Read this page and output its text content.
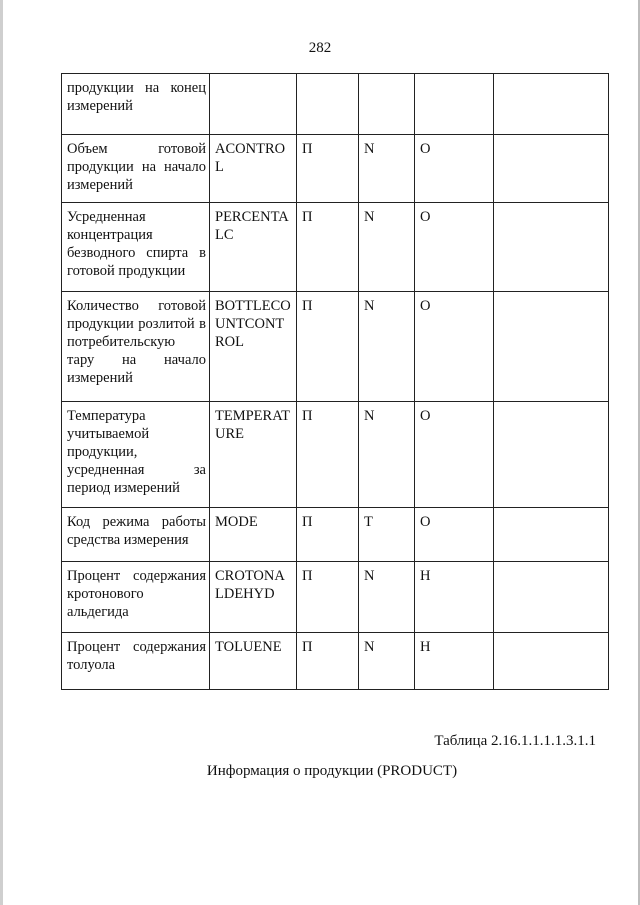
282
продукции на конец измерений					
Объем готовой продукции на начало измерений	ACONTROL	П	N	О	
Усредненная концентрация безводного спирта в готовой продукции	PERCENTALC	П	N	О	
Количество готовой продукции розлитой в потребительскую тару на начало измерений	BOTTLECOUNTCONTROL	П	N	О	
Температура учитываемой продукции, усредненная за период измерений	TEMPERATURE	П	N	О	
Код режима работы средства измерения	MODE	П	T	О	
Процент содержания кротонового альдегида	CROTONALDEHYD	П	N	Н	
Процент содержания толуола	TOLUENE	П	N	Н	
Таблица 2.16.1.1.1.1.3.1.1
Информация о продукции (PRODUCT)
